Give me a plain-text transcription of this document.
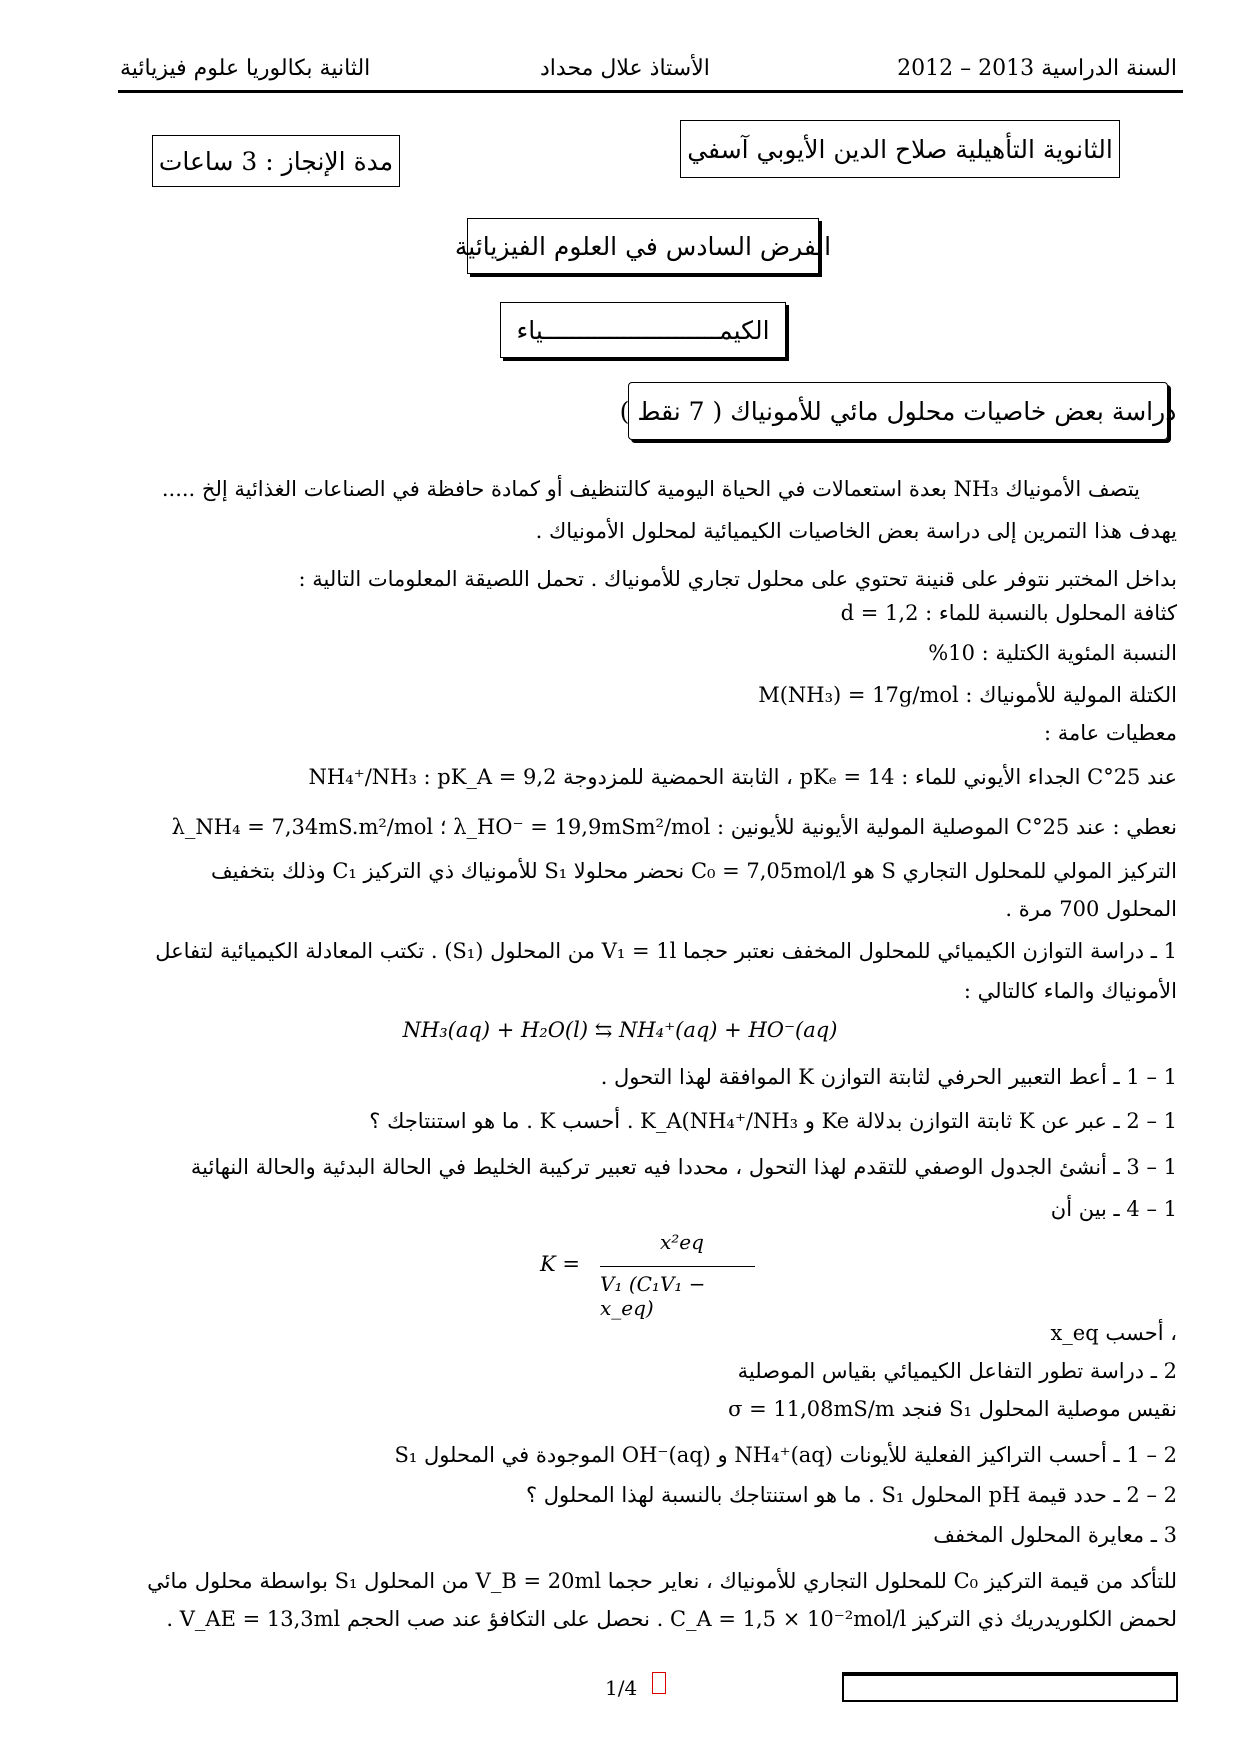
السنة الدراسية 2013 – 2012
الأستاذ علال محداد
الثانية بكالوريا علوم فيزيائية
الثانوية التأهيلية صلاح الدين الأيوبي آسفي
مدة الإنجاز : 3 ساعات
الفرض السادس في العلوم الفيزيائية
الكيمــــــــــــــــــــــــياء
دراسة بعض خاصيات محلول مائي للأمونياك ( 7 نقط )
يتصف الأمونياك NH₃ بعدة استعمالات في الحياة اليومية كالتنظيف أو كمادة حافظة في الصناعات الغذائية إلخ .....
يهدف هذا التمرين إلى دراسة بعض الخاصيات الكيميائية لمحلول الأمونياك .
بداخل المختبر نتوفر على قنينة تحتوي على محلول تجاري للأمونياك . تحمل اللصيقة المعلومات التالية :
كثافة المحلول بالنسبة للماء : d = 1,2
النسبة المئوية الكتلية : 10%
الكتلة المولية للأمونياك : M(NH₃) = 17g/mol
معطيات عامة :
عند 25°C الجداء الأيوني للماء : pKₑ = 14 ، الثابتة الحمضية للمزدوجة NH₄⁺/NH₃ : pK_A = 9,2
نعطي : عند 25°C الموصلية المولية الأيونية للأيونين : λ_HO⁻ = 19,9mSm²/mol ؛ λ_NH₄ = 7,34mS.m²/mol
التركيز المولي للمحلول التجاري S هو C₀ = 7,05mol/l نحضر محلولا S₁ للأمونياك ذي التركيز C₁ وذلك بتخفيف
المحلول 700 مرة .
1 ـ دراسة التوازن الكيميائي للمحلول المخفف نعتبر حجما V₁ = 1l من المحلول (S₁) . تكتب المعادلة الكيميائية لتفاعل
الأمونياك والماء كالتالي :
NH₃(aq) + H₂O(l) ⇆ NH₄⁺(aq) + HO⁻(aq)
1 – 1 ـ أعط التعبير الحرفي لثابتة التوازن K الموافقة لهذا التحول .
1 – 2 ـ عبر عن K ثابتة التوازن بدلالة Ke و K_A(NH₄⁺/NH₃ . أحسب K . ما هو استنتاجك ؟
1 – 3 ـ أنشئ الجدول الوصفي للتقدم لهذا التحول ، محددا فيه تعبير تركيبة الخليط في الحالة البدئية والحالة النهائية
1 – 4 ـ بين أن
K =
x²eq
V₁ (C₁V₁ − x_eq)
، أحسب x_eq
2 ـ دراسة تطور التفاعل الكيميائي بقياس الموصلية
نقيس موصلية المحلول S₁ فنجد σ = 11,08mS/m
2 – 1 ـ أحسب التراكيز الفعلية للأيونات NH₄⁺(aq) و OH⁻(aq) الموجودة في المحلول S₁
2 – 2 ـ حدد قيمة pH المحلول S₁ . ما هو استنتاجك بالنسبة لهذا المحلول ؟
3 ـ معايرة المحلول المخفف
للتأكد من قيمة التركيز C₀ للمحلول التجاري للأمونياك ، نعاير حجما V_B = 20ml من المحلول S₁ بواسطة محلول مائي
لحمض الكلوريدريك ذي التركيز C_A = 1,5 × 10⁻²mol/l . نحصل على التكافؤ عند صب الحجم V_AE = 13,3ml .
1/4
